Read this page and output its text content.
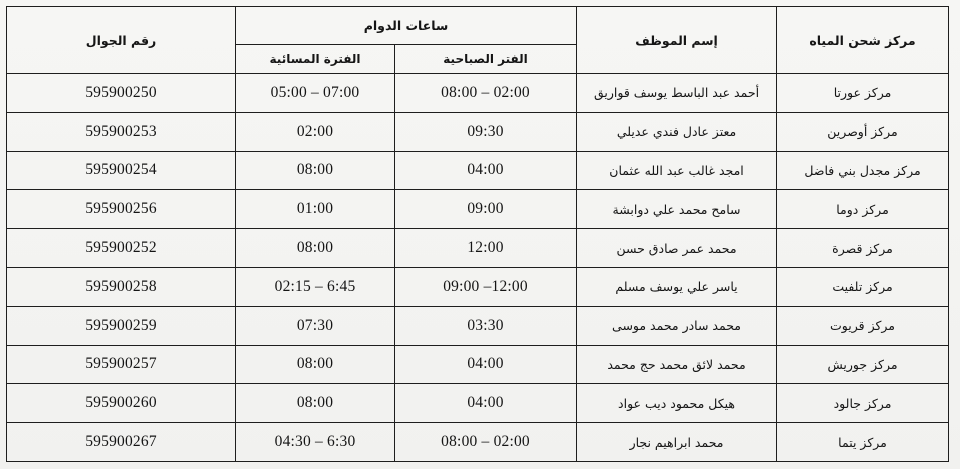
مركز شحن المياه	إسم الموظف	ساعات الدوام		رقم الجوال
		الفتر الصباحية	الفترة المسائية	
مركز عورتا	أحمد عبد الباسط يوسف قواريق	08:00 – 02:00	05:00 – 07:00	595900250
مركز أوصرين	معتز عادل فندي عديلي	09:30	02:00	595900253
مركز مجدل بني فاضل	امجد غالب عبد الله عثمان	04:00	08:00	595900254
مركز دوما	سامح محمد علي دوابشة	09:00	01:00	595900256
مركز قصرة	محمد عمر صادق حسن	12:00	08:00	595900252
مركز تلفيت	ياسر علي يوسف مسلم	09:00 –12:00	02:15 – 6:45	595900258
مركز قريوت	محمد سادر محمد موسى	03:30	07:30	595900259
مركز جوريش	محمد لائق محمد حج محمد	04:00	08:00	595900257
مركز جالود	هيكل محمود ديب عواد	04:00	08:00	595900260
مركز يتما	محمد ابراهيم نجار	08:00 – 02:00	04:30 – 6:30	595900267
